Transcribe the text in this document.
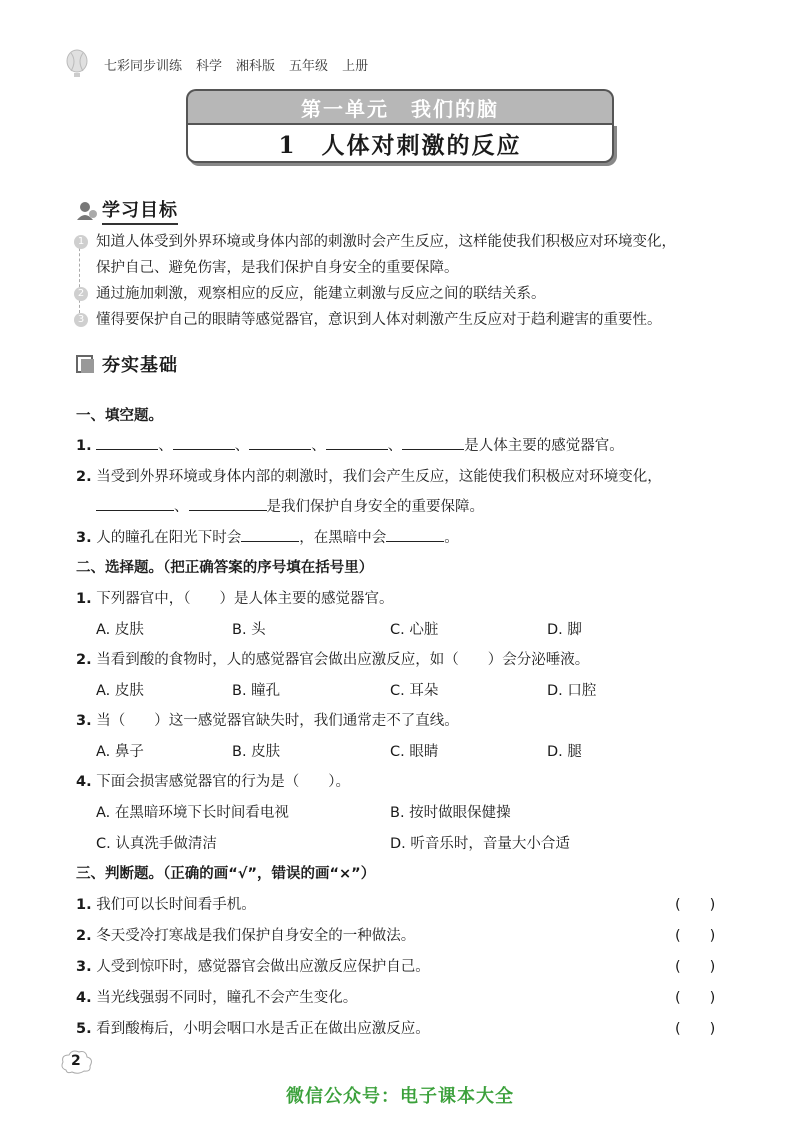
七彩同步训练 科学 湘科版 五年级 上册
第一单元　我们的脑
1　人体对刺激的反应
学习目标
1 知道人体受到外界环境或身体内部的刺激时会产生反应，这样能使我们积极应对环境变化，
保护自己、避免伤害，是我们保护自身安全的重要保障。
2 通过施加刺激，观察相应的反应，能建立刺激与反应之间的联结关系。
3 懂得要保护自己的眼睛等感觉器官，意识到人体对刺激产生反应对于趋利避害的重要性。
夯实基础
一、填空题。
1.	、	、	、	、	是人体主要的感觉器官。
2. 当受到外界环境或身体内部的刺激时，我们会产生反应，这能使我们积极应对环境变化，
、	是我们保护自身安全的重要保障。
3. 人的瞳孔在阳光下时会	，在黑暗中会	。
二、选择题。（把正确答案的序号填在括号里）
1. 下列器官中，（　　）是人体主要的感觉器官。
A. 皮肤	B. 头	C. 心脏	D. 脚
2. 当看到酸的食物时，人的感觉器官会做出应激反应，如（　　）会分泌唾液。
A. 皮肤	B. 瞳孔	C. 耳朵	D. 口腔
3. 当（　　）这一感觉器官缺失时，我们通常走不了直线。
A. 鼻子	B. 皮肤	C. 眼睛	D. 腿
4. 下面会损害感觉器官的行为是（　　）。
A. 在黑暗环境下长时间看电视	B. 按时做眼保健操
C. 认真洗手做清洁	D. 听音乐时，音量大小合适
三、判断题。（正确的画“√”，错误的画“×”）
1. 我们可以长时间看手机。	(　　)
2. 冬天受冷打寒战是我们保护自身安全的一种做法。	(　　)
3. 人受到惊吓时，感觉器官会做出应激反应保护自己。	(　　)
4. 当光线强弱不同时，瞳孔不会产生变化。	(　　)
5. 看到酸梅后，小明会咽口水是舌正在做出应激反应。	(　　)
2
微信公众号：电子课本大全
